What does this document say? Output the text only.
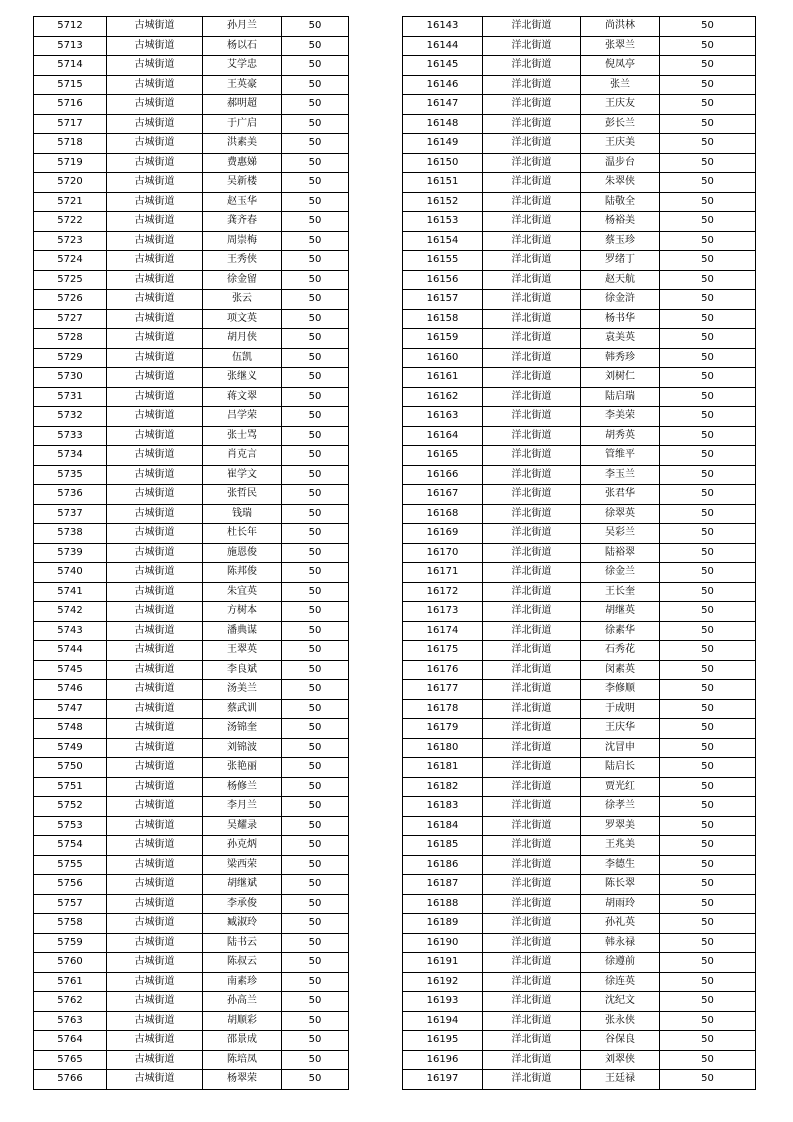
5712	古城街道	孙月兰	50
5713	古城街道	杨以石	50
5714	古城街道	艾学忠	50
5715	古城街道	王英豪	50
5716	古城街道	郝明超	50
5717	古城街道	于广启	50
5718	古城街道	洪素美	50
5719	古城街道	费惠娣	50
5720	古城街道	吴新楼	50
5721	古城街道	赵玉华	50
5722	古城街道	龚齐春	50
5723	古城街道	周崇梅	50
5724	古城街道	王秀侠	50
5725	古城街道	徐金留	50
5726	古城街道	张云	50
5727	古城街道	项文英	50
5728	古城街道	胡月侠	50
5729	古城街道	伍凯	50
5730	古城街道	张继义	50
5731	古城街道	蒋文翠	50
5732	古城街道	吕学荣	50
5733	古城街道	张士骂	50
5734	古城街道	肖克言	50
5735	古城街道	崔学文	50
5736	古城街道	张哲民	50
5737	古城街道	钱瑞	50
5738	古城街道	杜长年	50
5739	古城街道	施恩俊	50
5740	古城街道	陈邦俊	50
5741	古城街道	朱宜英	50
5742	古城街道	方树本	50
5743	古城街道	潘典谋	50
5744	古城街道	王翠英	50
5745	古城街道	李良斌	50
5746	古城街道	汤美兰	50
5747	古城街道	蔡武训	50
5748	古城街道	汤锦奎	50
5749	古城街道	刘锦波	50
5750	古城街道	张艳丽	50
5751	古城街道	杨修兰	50
5752	古城街道	李月兰	50
5753	古城街道	吴耀录	50
5754	古城街道	孙克炳	50
5755	古城街道	梁西荣	50
5756	古城街道	胡继斌	50
5757	古城街道	李承俊	50
5758	古城街道	臧淑玲	50
5759	古城街道	陆书云	50
5760	古城街道	陈叔云	50
5761	古城街道	南素珍	50
5762	古城街道	孙高兰	50
5763	古城街道	胡顺彩	50
5764	古城街道	邵景成	50
5765	古城街道	陈培凤	50
5766	古城街道	杨翠荣	50
16143	洋北街道	尚洪林	50
16144	洋北街道	张翠兰	50
16145	洋北街道	倪凤亭	50
16146	洋北街道	张兰	50
16147	洋北街道	王庆友	50
16148	洋北街道	彭长兰	50
16149	洋北街道	王庆美	50
16150	洋北街道	温步台	50
16151	洋北街道	朱翠侠	50
16152	洋北街道	陆敬全	50
16153	洋北街道	杨裕美	50
16154	洋北街道	蔡玉珍	50
16155	洋北街道	罗绪丁	50
16156	洋北街道	赵天航	50
16157	洋北街道	徐金浒	50
16158	洋北街道	杨书华	50
16159	洋北街道	袁美英	50
16160	洋北街道	韩秀珍	50
16161	洋北街道	刘树仁	50
16162	洋北街道	陆启瑞	50
16163	洋北街道	李美荣	50
16164	洋北街道	胡秀英	50
16165	洋北街道	管维平	50
16166	洋北街道	李玉兰	50
16167	洋北街道	张君华	50
16168	洋北街道	徐翠英	50
16169	洋北街道	吴彩兰	50
16170	洋北街道	陆裕翠	50
16171	洋北街道	徐金兰	50
16172	洋北街道	王长奎	50
16173	洋北街道	胡继英	50
16174	洋北街道	徐素华	50
16175	洋北街道	石秀花	50
16176	洋北街道	闵素英	50
16177	洋北街道	李修顺	50
16178	洋北街道	于成明	50
16179	洋北街道	王庆华	50
16180	洋北街道	沈冒申	50
16181	洋北街道	陆启长	50
16182	洋北街道	贾光红	50
16183	洋北街道	徐孝兰	50
16184	洋北街道	罗翠美	50
16185	洋北街道	王兆美	50
16186	洋北街道	李德生	50
16187	洋北街道	陈长翠	50
16188	洋北街道	胡雨玲	50
16189	洋北街道	孙礼英	50
16190	洋北街道	韩永禄	50
16191	洋北街道	徐遵前	50
16192	洋北街道	徐连英	50
16193	洋北街道	沈纪文	50
16194	洋北街道	张永侠	50
16195	洋北街道	谷保良	50
16196	洋北街道	刘翠侠	50
16197	洋北街道	王廷禄	50
